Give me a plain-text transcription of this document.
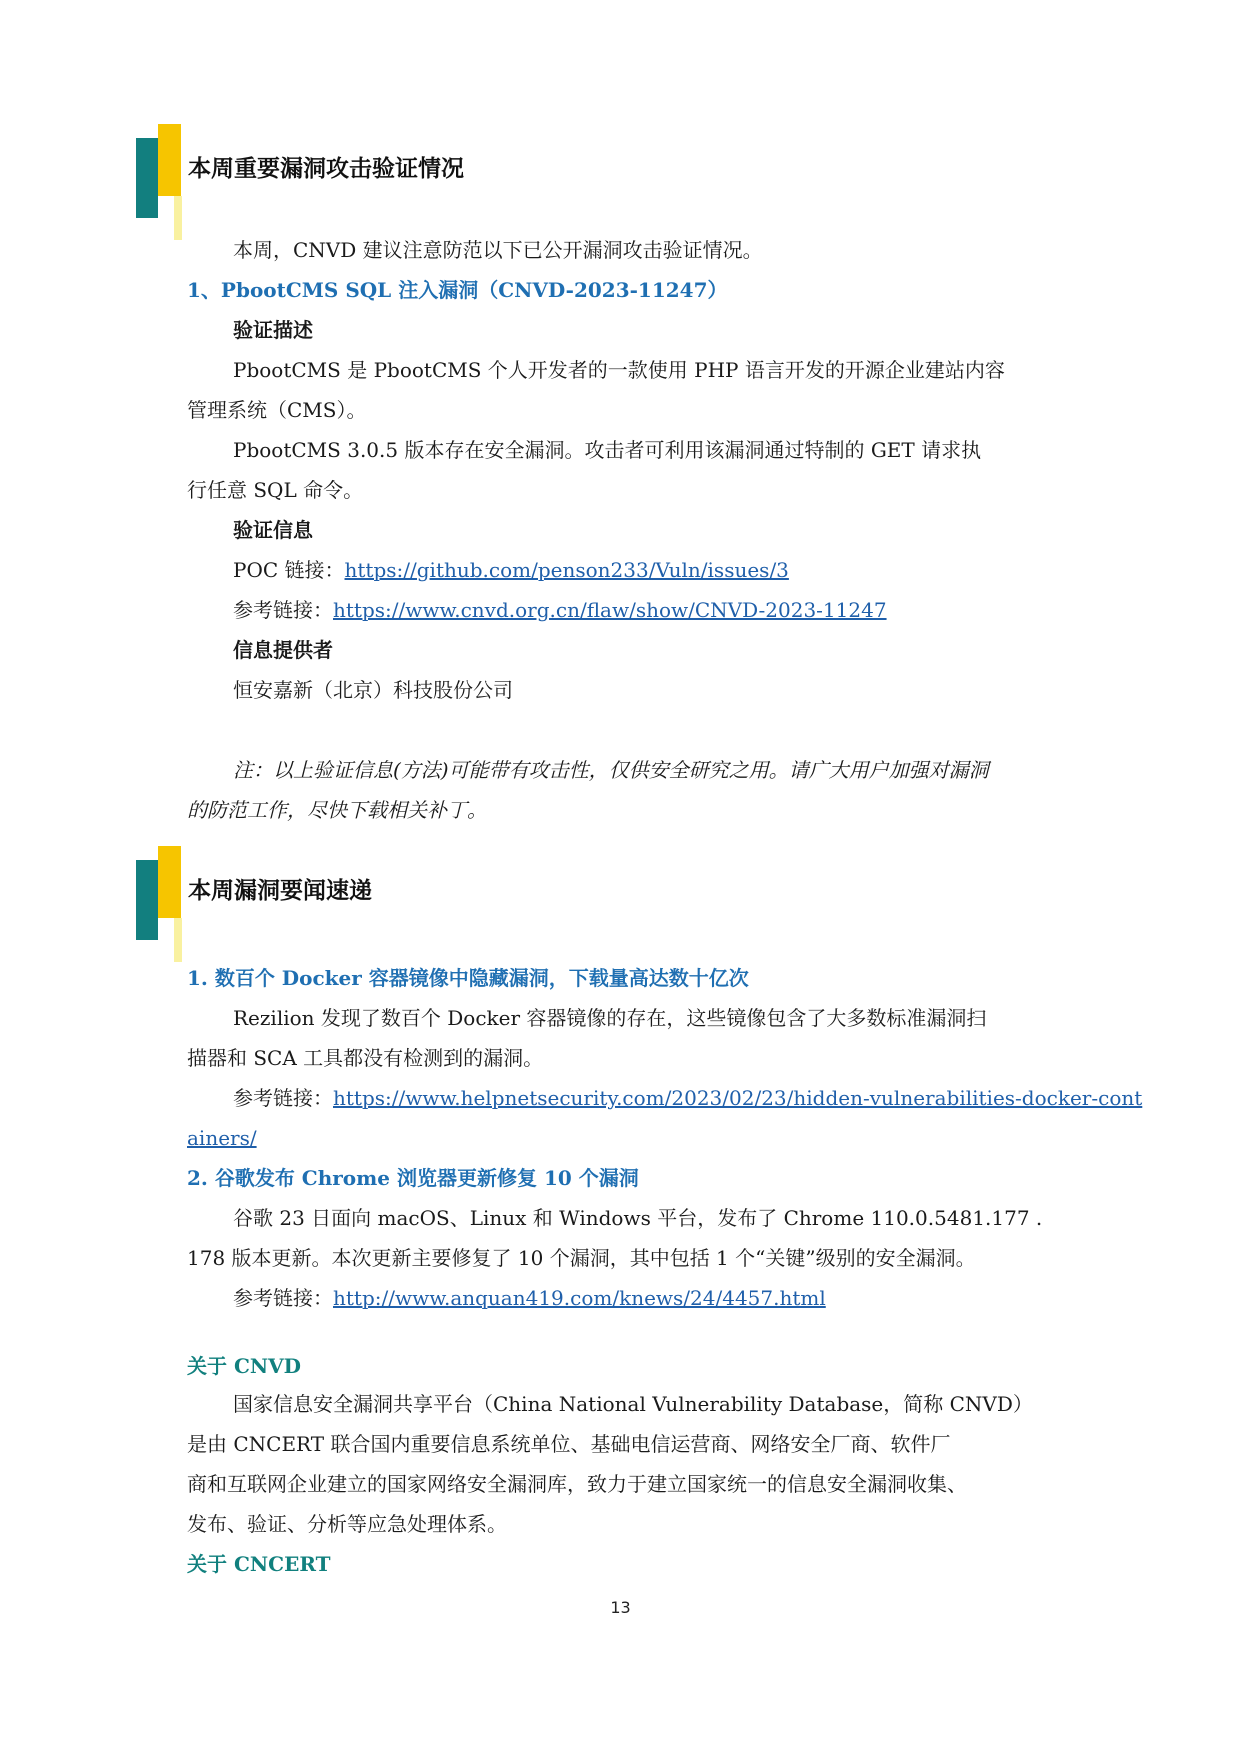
本周重要漏洞攻击验证情况
本周，CNVD 建议注意防范以下已公开漏洞攻击验证情况。
1、PbootCMS SQL 注入漏洞（CNVD-2023-11247）
验证描述
PbootCMS 是 PbootCMS 个人开发者的一款使用 PHP 语言开发的开源企业建站内容
管理系统（CMS）。
PbootCMS 3.0.5 版本存在安全漏洞。攻击者可利用该漏洞通过特制的 GET 请求执
行任意 SQL 命令。
验证信息
POC 链接：https://github.com/penson233/Vuln/issues/3
参考链接：https://www.cnvd.org.cn/flaw/show/CNVD-2023-11247
信息提供者
恒安嘉新（北京）科技股份公司
注：以上验证信息(方法)可能带有攻击性，仅供安全研究之用。请广大用户加强对漏洞
的防范工作，尽快下载相关补丁。
本周漏洞要闻速递
1. 数百个 Docker 容器镜像中隐藏漏洞，下载量高达数十亿次
Rezilion 发现了数百个 Docker 容器镜像的存在，这些镜像包含了大多数标准漏洞扫
描器和 SCA 工具都没有检测到的漏洞。
参考链接：https://www.helpnetsecurity.com/2023/02/23/hidden-vulnerabilities-docker-cont
ainers/
2. 谷歌发布 Chrome 浏览器更新修复 10 个漏洞
谷歌 23 日面向 macOS、Linux 和 Windows 平台，发布了 Chrome 110.0.5481.177 .
178 版本更新。本次更新主要修复了 10 个漏洞，其中包括 1 个“关键”级别的安全漏洞。
参考链接：http://www.anquan419.com/knews/24/4457.html
关于 CNVD
国家信息安全漏洞共享平台（China National Vulnerability Database，简称 CNVD）
是由 CNCERT 联合国内重要信息系统单位、基础电信运营商、网络安全厂商、软件厂
商和互联网企业建立的国家网络安全漏洞库，致力于建立国家统一的信息安全漏洞收集、
发布、验证、分析等应急处理体系。
关于 CNCERT
13
